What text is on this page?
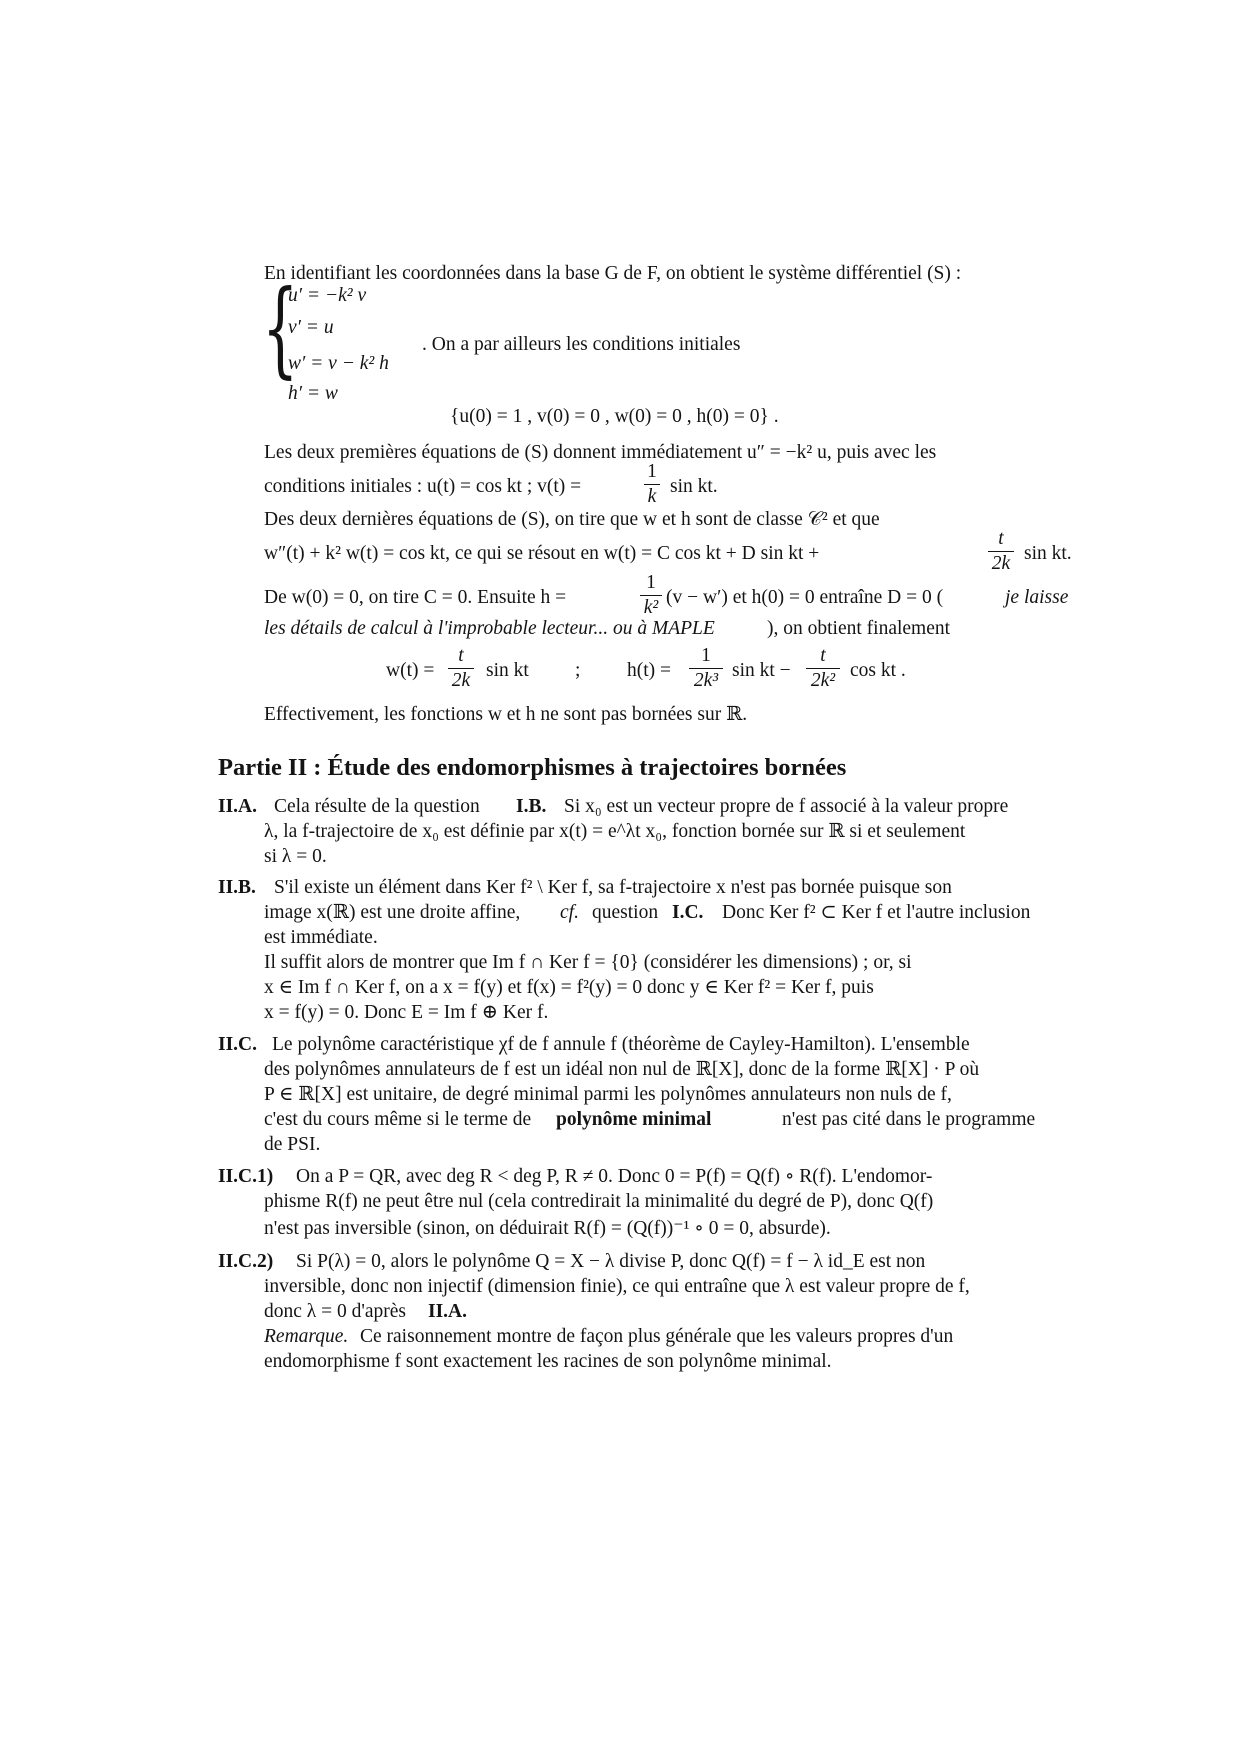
En identifiant les coordonnées dans la base G de F, on obtient le système différentiel (S) :
{
u′ = −k² v
v′ = u
w′ = v − k² h
h′ = w
. On a par ailleurs les conditions initiales
{u(0) = 1 , v(0) = 0 , w(0) = 0 , h(0) = 0} .
Les deux premières équations de (S) donnent immédiatement u″ = −k² u, puis avec les
conditions initiales : u(t) = cos kt ; v(t) =
1
k sin kt.
Des deux dernières équations de (S), on tire que w et h sont de classe 𝒞² et que
w″(t) + k² w(t) = cos kt, ce qui se résout en w(t) = C cos kt + D sin kt +
t
2k sin kt.
De w(0) = 0, on tire C = 0. Ensuite h =
1
k² (v − w′) et h(0) = 0 entraîne D = 0 (	je laisse
les détails de calcul à l'improbable lecteur... ou à MAPLE	), on obtient finalement
w(t) =
t
2k sin kt ; h(t) =
1
2k³ sin kt −
t
2k² cos kt .
Effectivement, les fonctions w et h ne sont pas bornées sur ℝ.
Partie II : Étude des endomorphismes à trajectoires bornées
II.A. Cela résulte de la question I.B. Si x₀ est un vecteur propre de f associé à la valeur propre
λ, la f-trajectoire de x₀ est définie par x(t) = e^λt x₀, fonction bornée sur ℝ si et seulement
si λ = 0.
II.B. S'il existe un élément dans Ker f² \ Ker f, sa f-trajectoire x n'est pas bornée puisque son
image x(ℝ) est une droite affine, cf. question I.C. Donc Ker f² ⊂ Ker f et l'autre inclusion
est immédiate.
Il suffit alors de montrer que Im f ∩ Ker f = {0} (considérer les dimensions) ; or, si
x ∈ Im f ∩ Ker f, on a x = f(y) et f(x) = f²(y) = 0 donc y ∈ Ker f² = Ker f, puis
x = f(y) = 0. Donc E = Im f ⊕ Ker f.
II.C. Le polynôme caractéristique χf de f annule f (théorème de Cayley-Hamilton). L'ensemble
des polynômes annulateurs de f est un idéal non nul de ℝ[X], donc de la forme ℝ[X] · P où
P ∈ ℝ[X] est unitaire, de degré minimal parmi les polynômes annulateurs non nuls de f,
c'est du cours même si le terme de polynôme minimal	n'est pas cité dans le programme
de PSI.
II.C.1) On a P = QR, avec deg R < deg P, R ≠ 0. Donc 0 = P(f) = Q(f) ∘ R(f). L'endomor-
phisme R(f) ne peut être nul (cela contredirait la minimalité du degré de P), donc Q(f)
n'est pas inversible (sinon, on déduirait R(f) = (Q(f))⁻¹ ∘ 0 = 0, absurde).
II.C.2) Si P(λ) = 0, alors le polynôme Q = X − λ divise P, donc Q(f) = f − λ id_E est non
inversible, donc non injectif (dimension finie), ce qui entraîne que λ est valeur propre de f,
donc λ = 0 d'après II.A.
Remarque. Ce raisonnement montre de façon plus générale que les valeurs propres d'un
endomorphisme f sont exactement les racines de son polynôme minimal.
